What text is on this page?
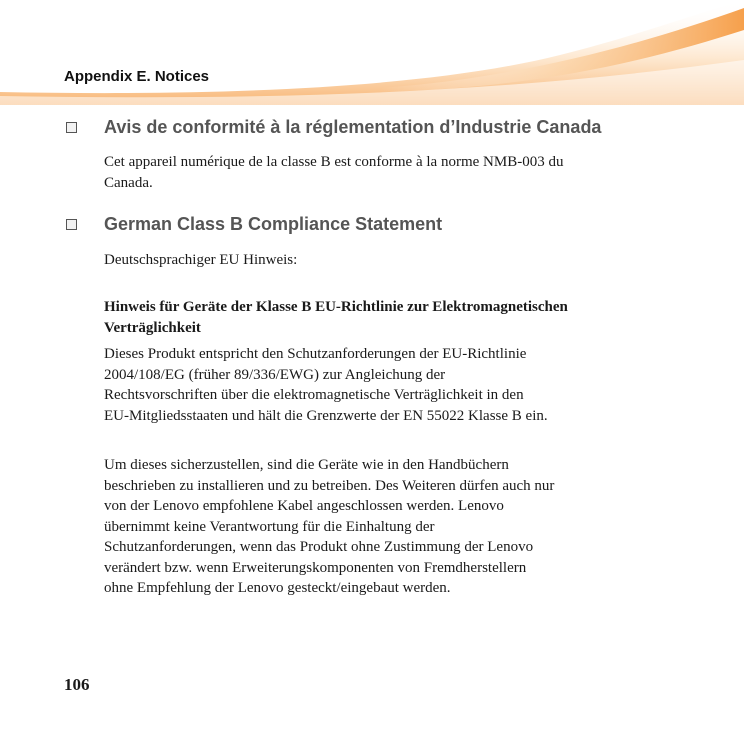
Appendix E. Notices
Avis de conformité à la réglementation d’Industrie Canada

Cet appareil numérique de la classe B est conforme à la norme NMB-003 du
Canada.

German Class B Compliance Statement

Deutschsprachiger EU Hinweis:

Hinweis für Geräte der Klasse B EU-Richtlinie zur Elektromagnetischen
Verträglichkeit

Dieses Produkt entspricht den Schutzanforderungen der EU-Richtlinie
2004/108/EG (früher 89/336/EWG) zur Angleichung der
Rechtsvorschriften über die elektromagnetische Verträglichkeit in den
EU-Mitgliedsstaaten und hält die Grenzwerte der EN 55022 Klasse B ein.

Um dieses sicherzustellen, sind die Geräte wie in den Handbüchern
beschrieben zu installieren und zu betreiben. Des Weiteren dürfen auch nur
von der Lenovo empfohlene Kabel angeschlossen werden. Lenovo
übernimmt keine Verantwortung für die Einhaltung der
Schutzanforderungen, wenn das Produkt ohne Zustimmung der Lenovo
verändert bzw. wenn Erweiterungskomponenten von Fremdherstellern
ohne Empfehlung der Lenovo gesteckt/eingebaut werden.

106
